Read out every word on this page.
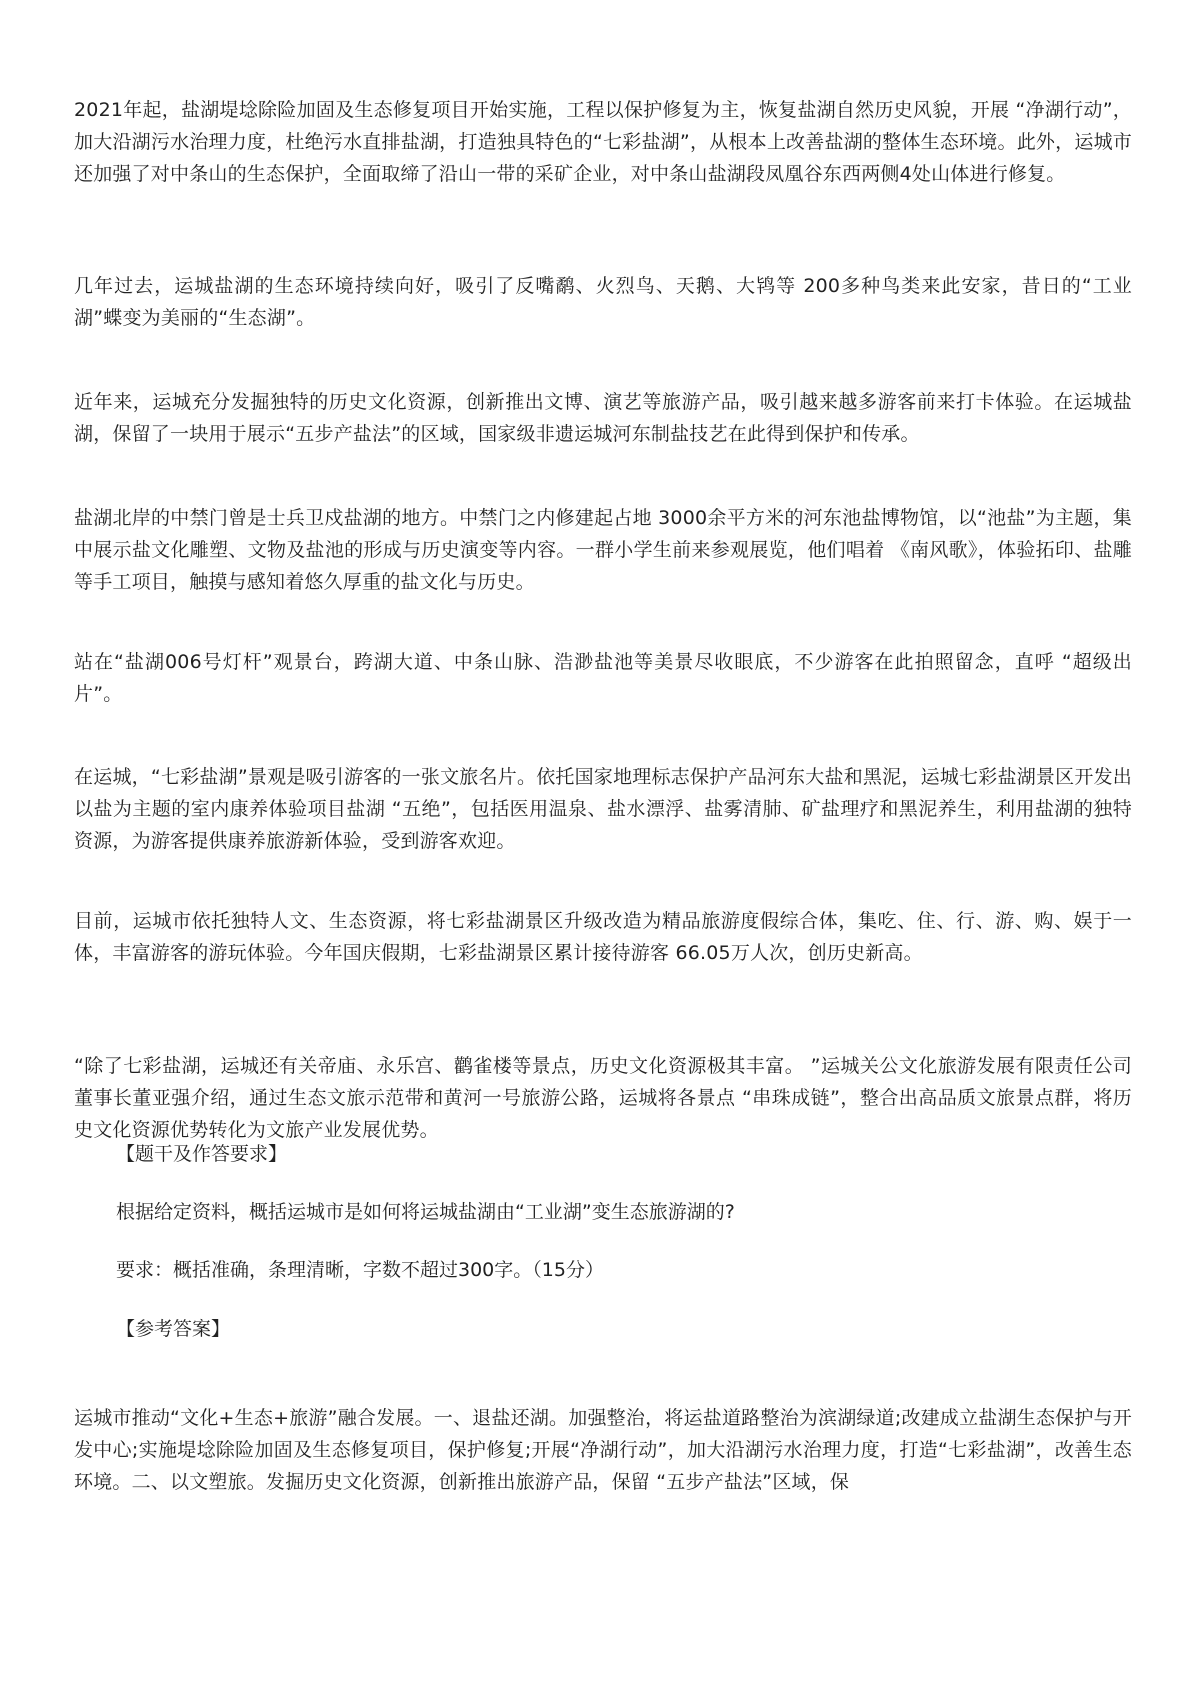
2021年起，盐湖堤埝除险加固及生态修复项目开始实施，工程以保护修复为主，恢复盐湖自然历史风貌，开展 “净湖行动”，加大沿湖污水治理力度，杜绝污水直排盐湖，打造独具特色的“七彩盐湖”，从根本上改善盐湖的整体生态环境。此外，运城市还加强了对中条山的生态保护，全面取缔了沿山一带的采矿企业，对中条山盐湖段凤凰谷东西两侧4处山体进行修复。

几年过去，运城盐湖的生态环境持续向好，吸引了反嘴鹬、火烈鸟、天鹅、大鸨等 200多种鸟类来此安家，昔日的“工业湖”蝶变为美丽的“生态湖”。

近年来，运城充分发掘独特的历史文化资源，创新推出文博、演艺等旅游产品，吸引越来越多游客前来打卡体验。在运城盐湖，保留了一块用于展示“五步产盐法”的区域，国家级非遗运城河东制盐技艺在此得到保护和传承。

盐湖北岸的中禁门曾是士兵卫戍盐湖的地方。中禁门之内修建起占地 3000余平方米的河东池盐博物馆，以“池盐”为主题，集中展示盐文化雕塑、文物及盐池的形成与历史演变等内容。一群小学生前来参观展览，他们唱着 《南风歌》，体验拓印、盐雕等手工项目，触摸与感知着悠久厚重的盐文化与历史。

站在“盐湖006号灯杆”观景台，跨湖大道、中条山脉、浩渺盐池等美景尽收眼底，不少游客在此拍照留念，直呼 “超级出片”。

在运城，“七彩盐湖”景观是吸引游客的一张文旅名片。依托国家地理标志保护产品河东大盐和黑泥，运城七彩盐湖景区开发出以盐为主题的室内康养体验项目盐湖 “五绝”，包括医用温泉、盐水漂浮、盐雾清肺、矿盐理疗和黑泥养生，利用盐湖的独特资源，为游客提供康养旅游新体验，受到游客欢迎。

目前，运城市依托独特人文、生态资源，将七彩盐湖景区升级改造为精品旅游度假综合体，集吃、住、行、游、购、娱于一体，丰富游客的游玩体验。今年国庆假期，七彩盐湖景区累计接待游客 66.05万人次，创历史新高。

“除了七彩盐湖，运城还有关帝庙、永乐宫、鹳雀楼等景点，历史文化资源极其丰富。 ”运城关公文化旅游发展有限责任公司董事长董亚强介绍，通过生态文旅示范带和黄河一号旅游公路，运城将各景点 “串珠成链”，整合出高品质文旅景点群，将历史文化资源优势转化为文旅产业发展优势。

【题干及作答要求】

根据给定资料，概括运城市是如何将运城盐湖由“工业湖”变生态旅游湖的?

要求：概括准确，条理清晰，字数不超过300字。（15分）

【参考答案】

运城市推动“文化+生态+旅游”融合发展。一、退盐还湖。加强整治，将运盐道路整治为滨湖绿道;改建成立盐湖生态保护与开发中心;实施堤埝除险加固及生态修复项目，保护修复;开展“净湖行动”，加大沿湖污水治理力度，打造“七彩盐湖”，改善生态环境。二、以文塑旅。发掘历史文化资源，创新推出旅游产品，保留 “五步产盐法”区域，保
